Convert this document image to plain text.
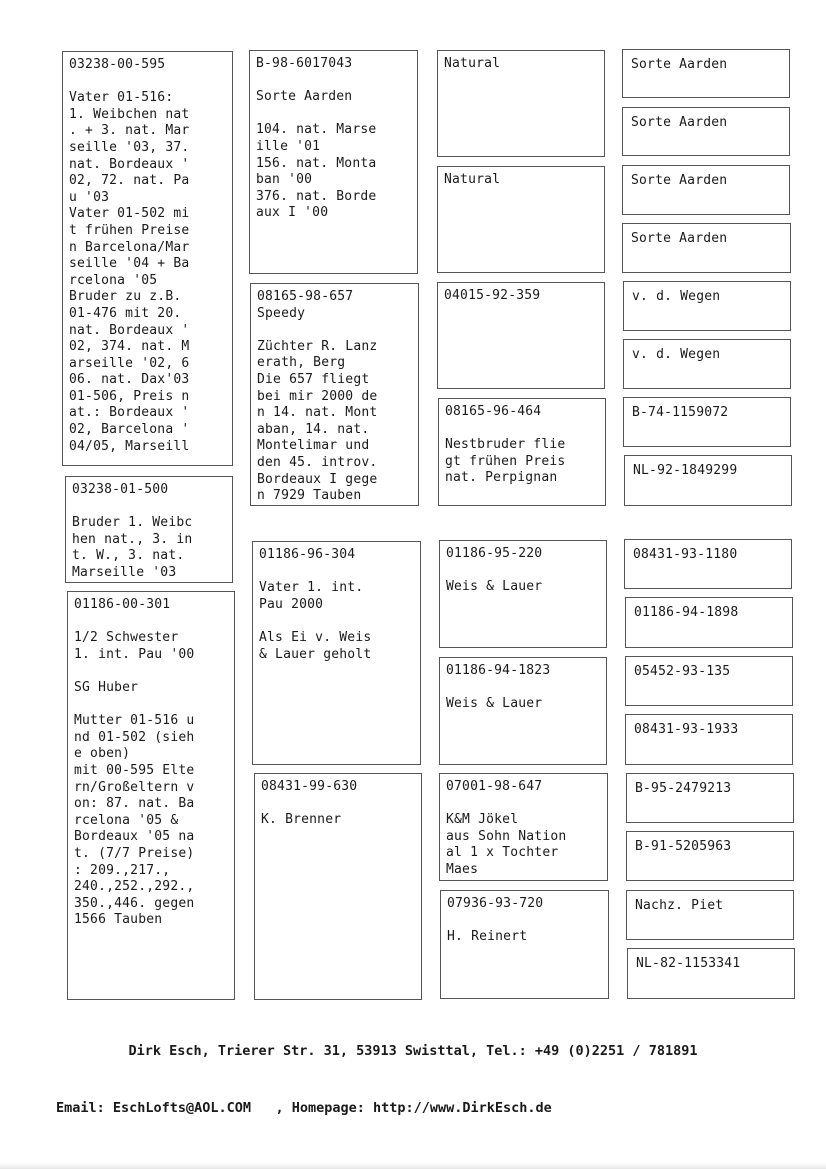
03238-00-595

Vater 01-516:
1. Weibchen nat
. + 3. nat. Mar
seille '03, 37.
nat. Bordeaux '
02, 72. nat. Pa
u '03
Vater 01-502 mi
t frühen Preise
n Barcelona/Mar
seille '04 + Ba
rcelona '05
Bruder zu z.B.
01-476 mit 20.
nat. Bordeaux '
02, 374. nat. M
arseille '02, 6
06. nat. Dax'03
01-506, Preis n
at.: Bordeaux '
02, Barcelona '
04/05, Marseill
03238-01-500

Bruder 1. Weibc
hen nat., 3. in
t. W., 3. nat.
Marseille '03
01186-00-301

1/2 Schwester
1. int. Pau '00

SG Huber

Mutter 01-516 u
nd 01-502 (sieh
e oben)
mit 00-595 Elte
rn/Großeltern v
on: 87. nat. Ba
rcelona '05 &
Bordeaux '05 na
t. (7/7 Preise)
: 209.,217.,
240.,252.,292.,
350.,446. gegen
1566 Tauben
B-98-6017043

Sorte Aarden

104. nat. Marse
ille '01
156. nat. Monta
ban '00
376. nat. Borde
aux I '00
08165-98-657
Speedy

Züchter R. Lanz
erath, Berg
Die 657 fliegt
bei mir 2000 de
n 14. nat. Mont
aban, 14. nat.
Montelimar und
den 45. introv.
Bordeaux I gege
n 7929 Tauben
01186-96-304

Vater 1. int.
Pau 2000

Als Ei v. Weis
& Lauer geholt
08431-99-630

K. Brenner
Natural
Natural
04015-92-359
08165-96-464

Nestbruder flie
gt frühen Preis
nat. Perpignan
01186-95-220

Weis & Lauer
01186-94-1823

Weis & Lauer
07001-98-647

K&M Jökel
aus Sohn Nation
al 1 x Tochter
Maes
07936-93-720

H. Reinert
Sorte Aarden
Sorte Aarden
Sorte Aarden
Sorte Aarden
v. d. Wegen
v. d. Wegen
B-74-1159072
NL-92-1849299
08431-93-1180
01186-94-1898
05452-93-135
08431-93-1933
B-95-2479213
B-91-5205963
Nachz. Piet
NL-82-1153341

Dirk Esch, Trierer Str. 31, 53913 Swisttal, Tel.: +49 (0)2251 / 781891

Email: EschLofts@AOL.COM   , Homepage: http://www.DirkEsch.de
